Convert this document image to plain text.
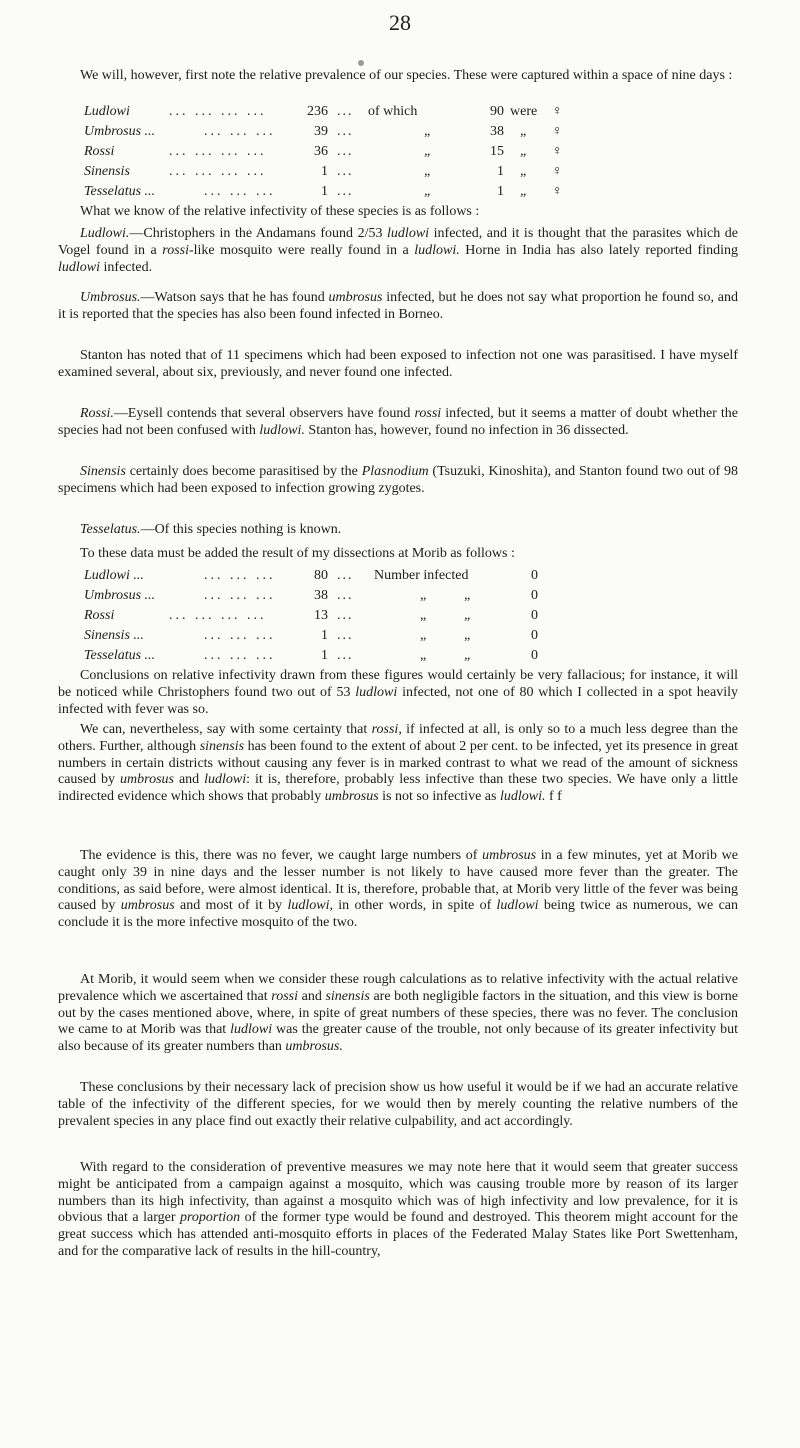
28

We will, however, first note the relative prevalence of our species. These were captured within a space of nine days :

Ludlowi	... ... ... ...	236 ... of which	90 were ♀
Umbrosus ...	... ... ...	39 ...	„	38 „ ♀
Rossi	... ... ... ...	36 ...	„	15 „ ♀
Sinensis	... ... ... ...	1 ...	„	1 „ ♀
Tesselatus ...	... ... ...	1 ...	„	1 „ ♀

What we know of the relative infectivity of these species is as follows :

Ludlowi.—Christophers in the Andamans found 2/53 ludlowi infected, and it is thought that the parasites which de Vogel found in a rossi-like mosquito were really found in a ludlowi. Horne in India has also lately reported finding ludlowi infected.

Umbrosus.—Watson says that he has found umbrosus infected, but he does not say what proportion he found so, and it is reported that the species has also been found infected in Borneo.

Stanton has noted that of 11 specimens which had been exposed to infection not one was parasitised. I have myself examined several, about six, previously, and never found one infected.

Rossi.—Eysell contends that several observers have found rossi infected, but it seems a matter of doubt whether the species had not been confused with ludlowi. Stanton has, however, found no infection in 36 dissected.

Sinensis certainly does become parasitised by the Plasnodium (Tsuzuki, Kinoshita), and Stanton found two out of 98 specimens which had been exposed to infection growing zygotes.

Tesselatus.—Of this species nothing is known.

To these data must be added the result of my dissections at Morib as follows :

Ludlowi ...	... ... ...	80 ... Number infected	0
Umbrosus ...	... ... ...	38 ...	„	„	0
Rossi	... ... ... ...	13 ...	„	„	0
Sinensis ...	... ... ...	1 ...	„	„	0
Tesselatus ...	... ... ...	1 ...	„	„	0

Conclusions on relative infectivity drawn from these figures would certainly be very fallacious; for instance, it will be noticed while Christophers found two out of 53 ludlowi infected, not one of 80 which I collected in a spot heavily infected with fever was so.

We can, nevertheless, say with some certainty that rossi, if infected at all, is only so to a much less degree than the others. Further, although sinensis has been found to the extent of about 2 per cent. to be infected, yet its presence in great numbers in certain districts without causing any fever is in marked contrast to what we read of the amount of sickness caused by umbrosus and ludlowi: it is, therefore, probably less infective than these two species. We have only a little indirected evidence which shows that probably umbrosus is not so infective as ludlowi. f f

The evidence is this, there was no fever, we caught large numbers of umbrosus in a few minutes, yet at Morib we caught only 39 in nine days and the lesser number is not likely to have caused more fever than the greater. The conditions, as said before, were almost identical. It is, therefore, probable that, at Morib very little of the fever was being caused by umbrosus and most of it by ludlowi, in other words, in spite of ludlowi being twice as numerous, we can conclude it is the more infective mosquito of the two.

At Morib, it would seem when we consider these rough calculations as to relative infectivity with the actual relative prevalence which we ascertained that rossi and sinensis are both negligible factors in the situation, and this view is borne out by the cases mentioned above, where, in spite of great numbers of these species, there was no fever. The conclusion we came to at Morib was that ludlowi was the greater cause of the trouble, not only because of its greater infectivity but also because of its greater numbers than umbrosus.

These conclusions by their necessary lack of precision show us how useful it would be if we had an accurate relative table of the infectivity of the different species, for we would then by merely counting the relative numbers of the prevalent species in any place find out exactly their relative culpability, and act accordingly.

With regard to the consideration of preventive measures we may note here that it would seem that greater success might be anticipated from a campaign against a mosquito, which was causing trouble more by reason of its larger numbers than its high infectivity, than against a mosquito which was of high infectivity and low prevalence, for it is obvious that a larger proportion of the former type would be found and destroyed. This theorem might account for the great success which has attended anti-mosquito efforts in places of the Federated Malay States like Port Swettenham, and for the comparative lack of results in the hill-country,
